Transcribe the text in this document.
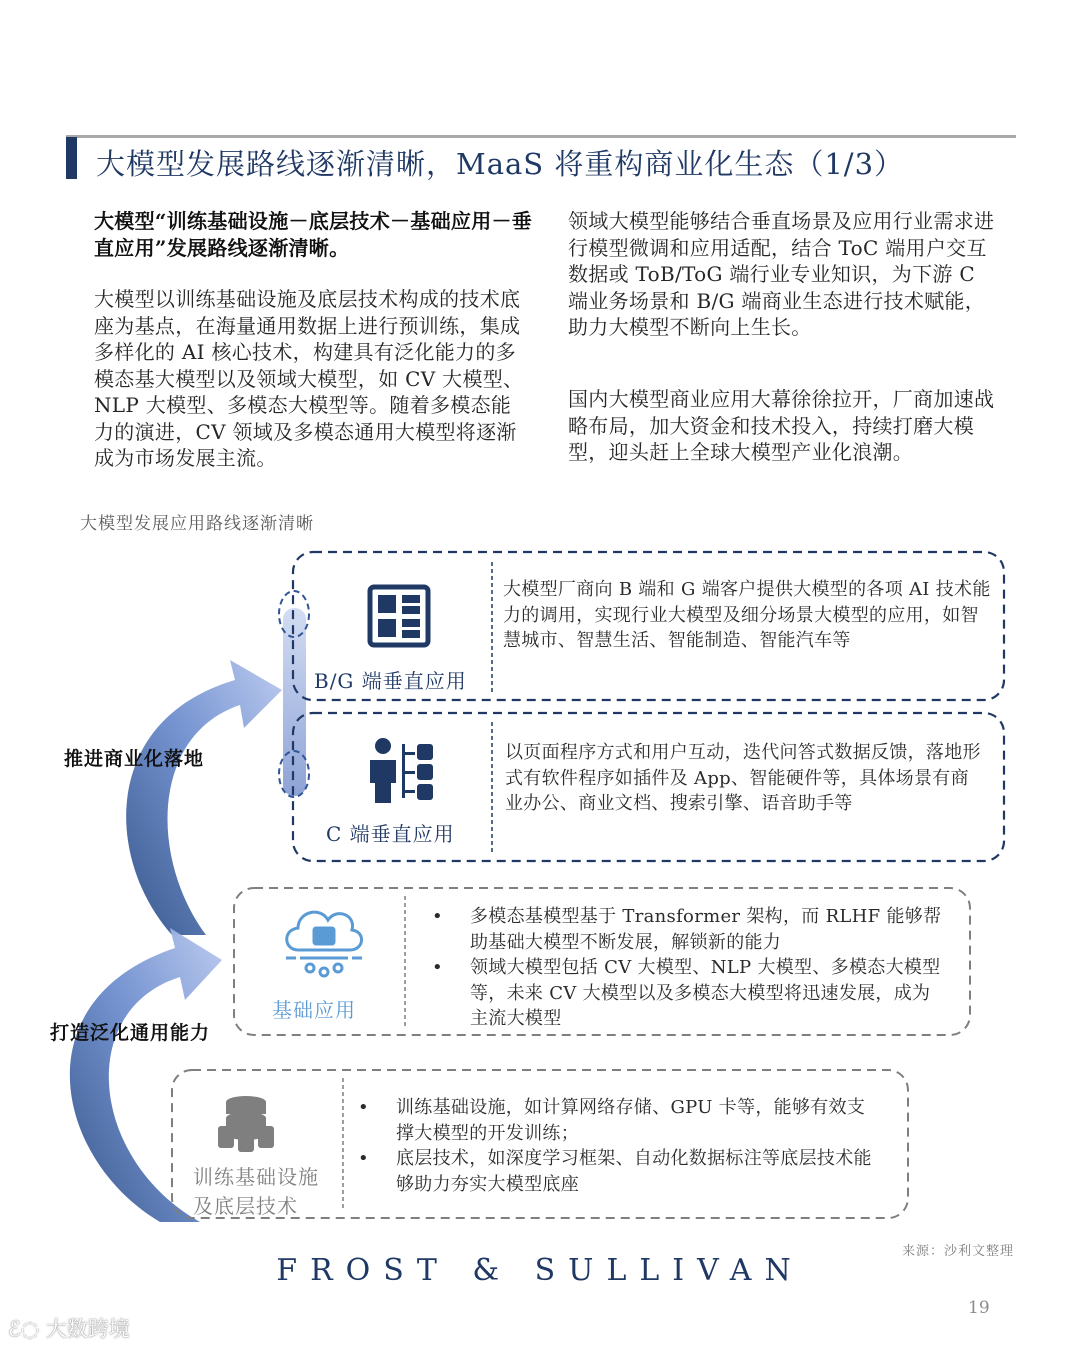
大模型发展路线逐渐清晰，MaaS 将重构商业化生态（1/3）
大模型“训练基础设施－底层技术－基础应用－垂直应用”发展路线逐渐清晰。
大模型以训练基础设施及底层技术构成的技术底座为基点，在海量通用数据上进行预训练，集成多样化的 AI 核心技术，构建具有泛化能力的多模态基大模型以及领域大模型，如 CV 大模型、NLP 大模型、多模态大模型等。随着多模态能力的演进，CV 领域及多模态通用大模型将逐渐成为市场发展主流。
领域大模型能够结合垂直场景及应用行业需求进行模型微调和应用适配，结合 ToC 端用户交互数据或 ToB/ToG 端行业专业知识，为下游 C 端业务场景和 B/G 端商业生态进行技术赋能，助力大模型不断向上生长。
国内大模型商业应用大幕徐徐拉开，厂商加速战略布局，加大资金和技术投入，持续打磨大模型，迎头赶上全球大模型产业化浪潮。
大模型发展应用路线逐渐清晰
B/G 端垂直应用
大模型厂商向 B 端和 G 端客户提供大模型的各项 AI 技术能力的调用，实现行业大模型及细分场景大模型的应用，如智慧城市、智慧生活、智能制造、智能汽车等
C 端垂直应用
以页面程序方式和用户互动，迭代问答式数据反馈，落地形式有软件程序如插件及 App、智能硬件等，具体场景有商业办公、商业文档、搜索引擎、语音助手等
基础应用
• 多模态基模型基于 Transformer 架构，而 RLHF 能够帮助基础大模型不断发展，解锁新的能力
• 领域大模型包括 CV 大模型、NLP 大模型、多模态大模型等，未来 CV 大模型以及多模态大模型将迅速发展，成为主流大模型
训练基础设施
及底层技术
• 训练基础设施，如计算网络存储、GPU 卡等，能够有效支撑大模型的开发训练；
• 底层技术，如深度学习框架、自动化数据标注等底层技术能够助力夯实大模型底座
推进商业化落地
打造泛化通用能力
来源：沙利文整理
FROST & SULLIVAN
19
ℰ◌ 大数跨境
